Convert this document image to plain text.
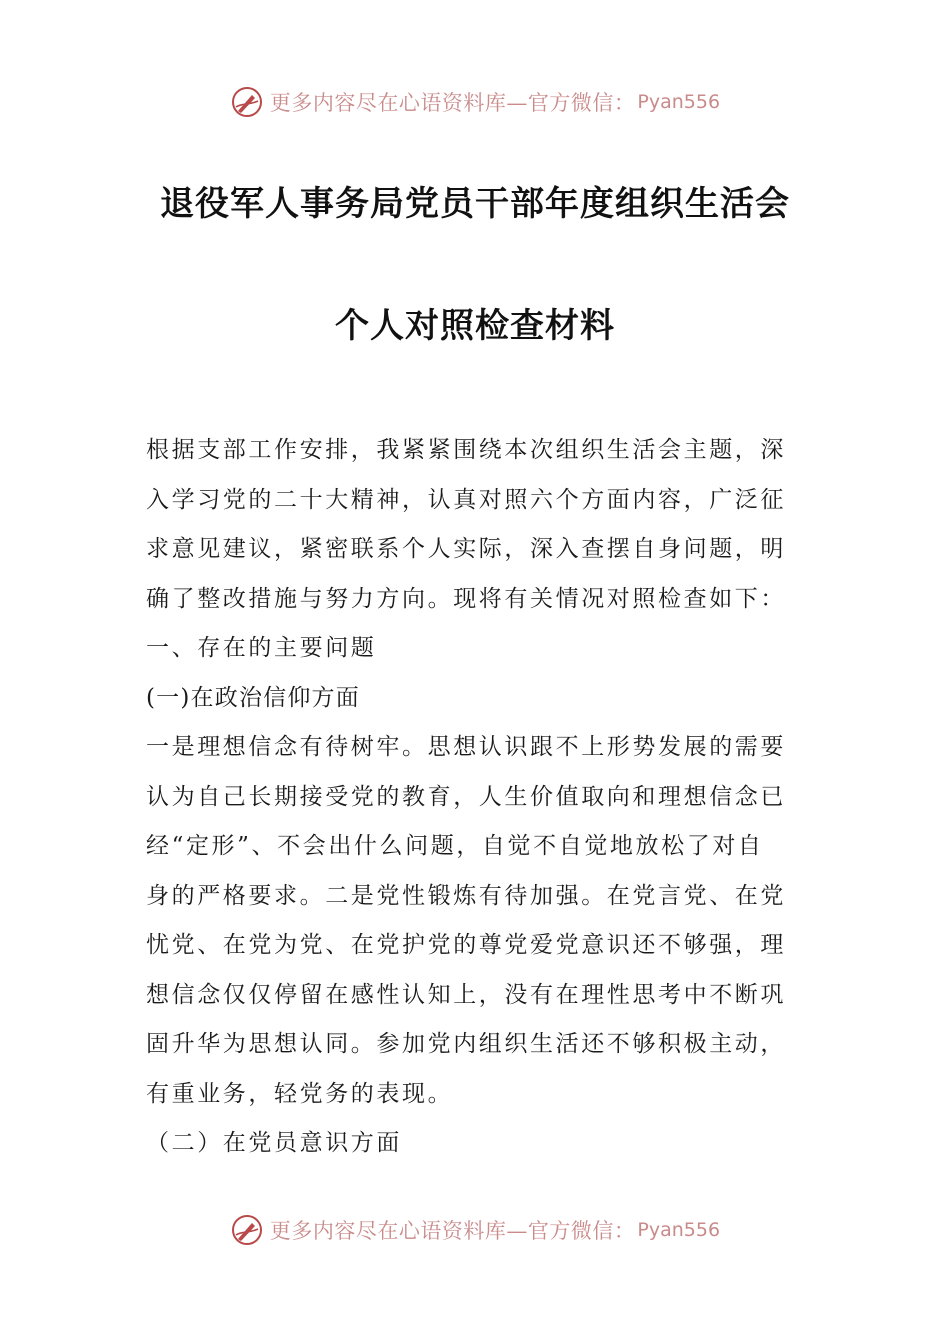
更多内容尽在心语资料库—官方微信： Pyan556
退役军人事务局党员干部年度组织生活会
个人对照检查材料
根据支部工作安排，我紧紧围绕本次组织生活会主题，深
入学习党的二十大精神，认真对照六个方面内容，广泛征
求意见建议，紧密联系个人实际，深入查摆自身问题，明
确了整改措施与努力方向。现将有关情况对照检查如下：
一、存在的主要问题
(一)在政治信仰方面
一是理想信念有待树牢。思想认识跟不上形势发展的需要
认为自己长期接受党的教育，人生价值取向和理想信念已
经“定形”、不会出什么问题，自觉不自觉地放松了对自
身的严格要求。二是党性锻炼有待加强。在党言党、在党
忧党、在党为党、在党护党的尊党爱党意识还不够强，理
想信念仅仅停留在感性认知上，没有在理性思考中不断巩
固升华为思想认同。参加党内组织生活还不够积极主动，
有重业务，轻党务的表现。
（二）在党员意识方面
更多内容尽在心语资料库—官方微信： Pyan556
